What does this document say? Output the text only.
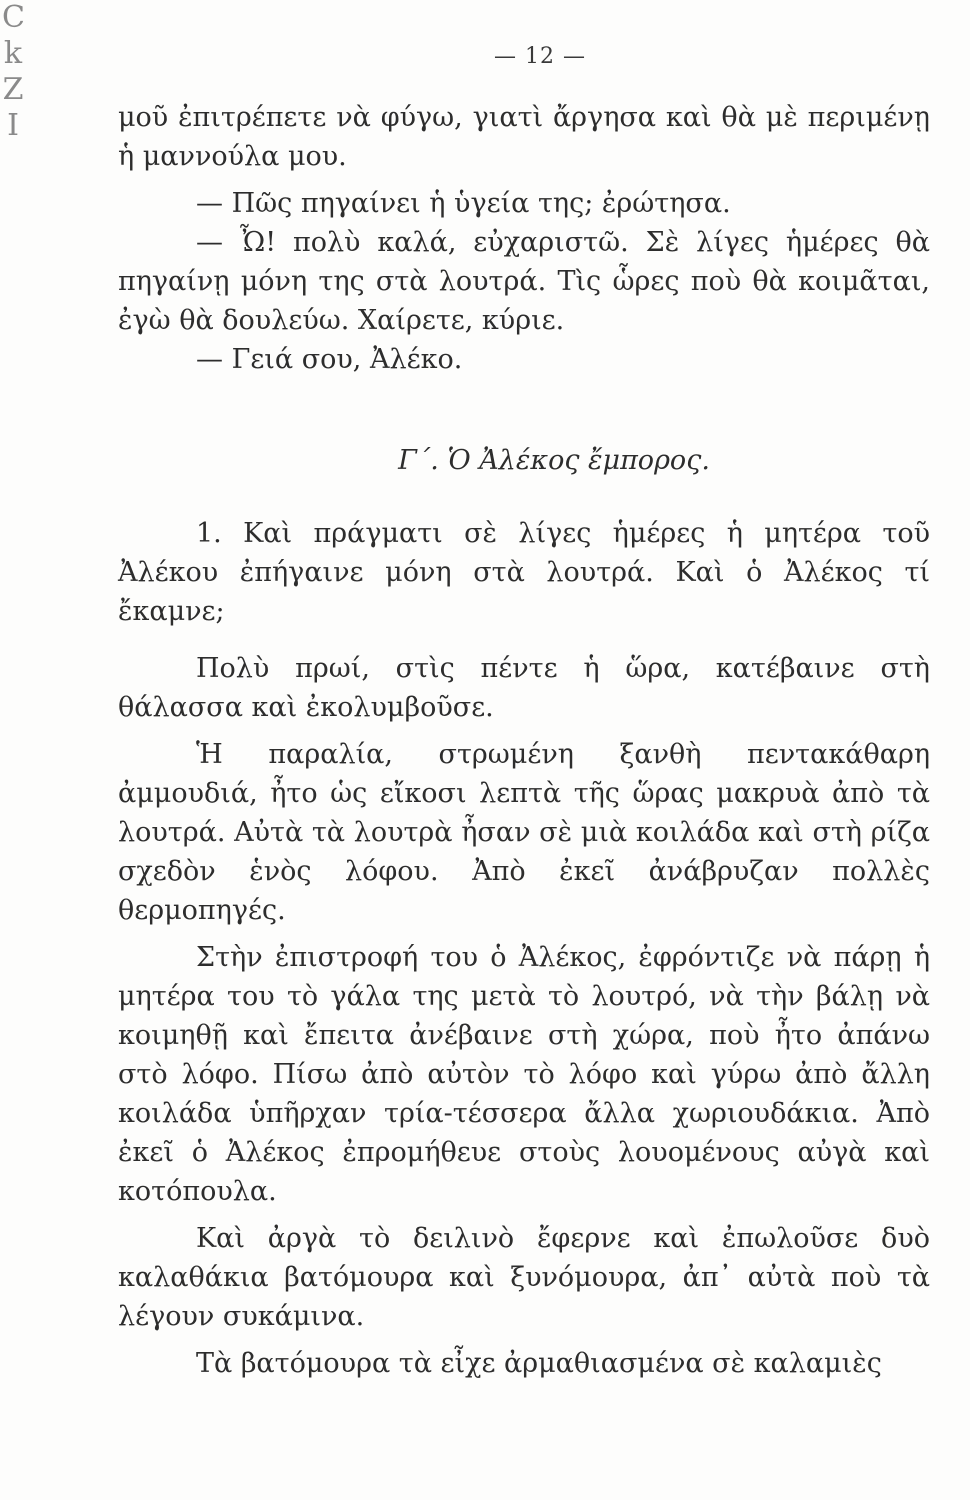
C
k
Z
I
— 12 —

μοῦ ἐπιτρέπετε νὰ φύγω, γιατὶ ἄργησα καὶ θὰ μὲ περιμένῃ ἡ μαννούλα μου.

— Πῶς πηγαίνει ἡ ὑγεία της; ἐρώτησα.

— Ὦ! πολὺ καλά, εὐχαριστῶ. Σὲ λίγες ἡμέρες θὰ πηγαίνῃ μόνη της στὰ λουτρά. Τὶς ὧρες ποὺ θὰ κοιμᾶται, ἐγὼ θὰ δουλεύω. Χαίρετε, κύριε.

— Γειά σου, Ἀλέκο.

Γ΄. Ὁ Ἀλέκος ἔμπορος.

1. Καὶ πράγματι σὲ λίγες ἡμέρες ἡ μητέρα τοῦ Ἀλέκου ἐπήγαινε μόνη στὰ λουτρά. Καὶ ὁ Ἀλέκος τί ἔκαμνε;

Πολὺ πρωί, στὶς πέντε ἡ ὥρα, κατέβαινε στὴ θάλασσα καὶ ἐκολυμβοῦσε.

Ἡ παραλία, στρωμένη ξανθὴ πεντακάθαρη ἀμμουδιά, ἦτο ὡς εἴκοσι λεπτὰ τῆς ὥρας μακρυὰ ἀπὸ τὰ λουτρά. Αὐτὰ τὰ λουτρὰ ἦσαν σὲ μιὰ κοιλάδα καὶ στὴ ρίζα σχεδὸν ἑνὸς λόφου. Ἀπὸ ἐκεῖ ἀνάβρυζαν πολλὲς θερμοπηγές.

Στὴν ἐπιστροφή του ὁ Ἀλέκος, ἐφρόντιζε νὰ πάρῃ ἡ μητέρα του τὸ γάλα της μετὰ τὸ λουτρό, νὰ τὴν βάλῃ νὰ κοιμηθῇ καὶ ἔπειτα ἀνέβαινε στὴ χώρα, ποὺ ἦτο ἀπάνω στὸ λόφο. Πίσω ἀπὸ αὐτὸν τὸ λόφο καὶ γύρω ἀπὸ ἄλλη κοιλάδα ὑπῆρχαν τρία-τέσσερα ἄλλα χωριουδάκια. Ἀπὸ ἐκεῖ ὁ Ἀλέκος ἐπρομήθευε στοὺς λουομένους αὐγὰ καὶ κοτόπουλα.

Καὶ ἀργὰ τὸ δειλινὸ ἔφερνε καὶ ἐπωλοῦσε δυὸ καλαθάκια βατόμουρα καὶ ξυνόμουρα, ἀπ᾿ αὐτὰ ποὺ τὰ λέγουν συκάμινα.

Τὰ βατόμουρα τὰ εἶχε ἀρμαθιασμένα σὲ καλαμιὲς
